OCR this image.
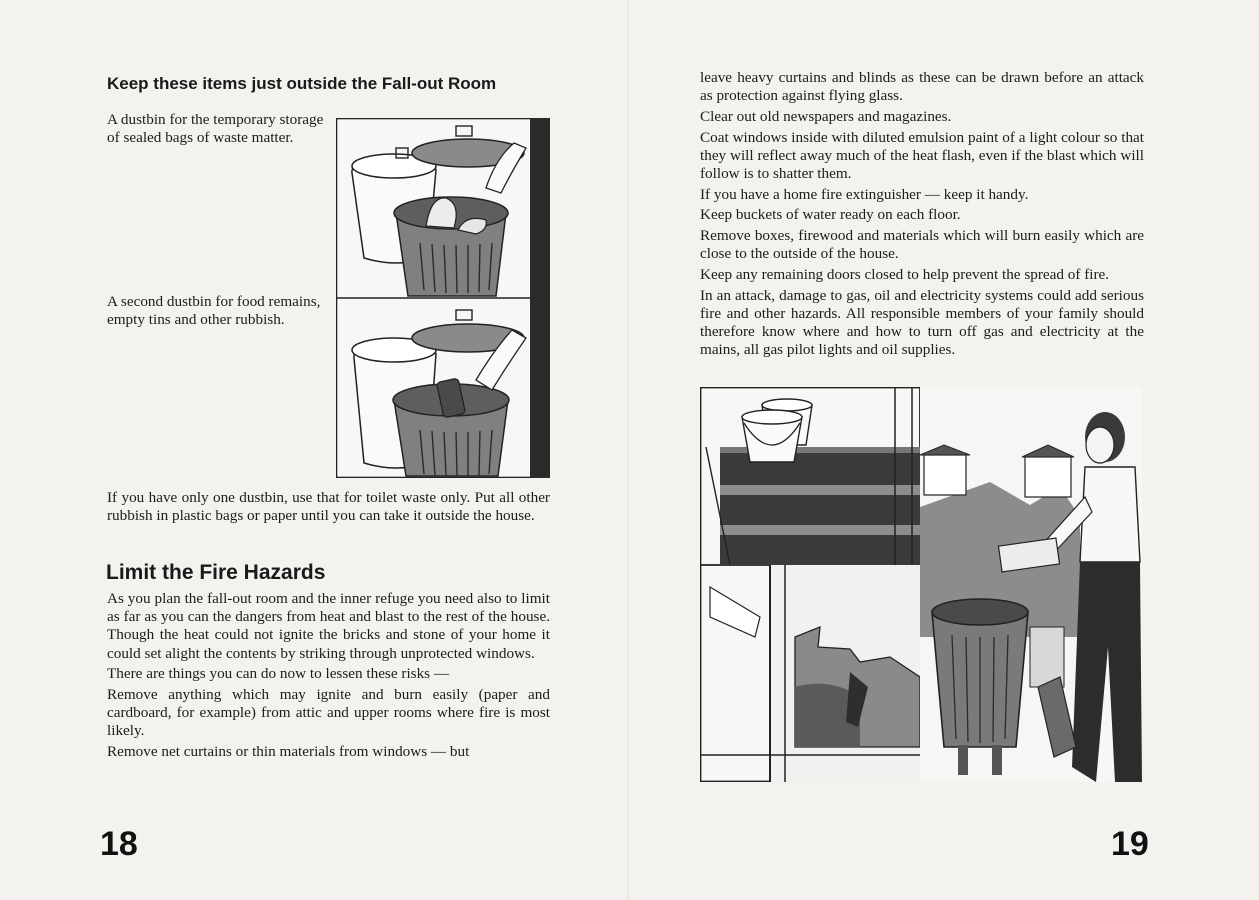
Keep these items just outside the Fall-out Room

A dustbin for the temporary storage of sealed bags of waste matter.

A second dustbin for food remains, empty tins and other rubbish.

If you have only one dustbin, use that for toilet waste only. Put all other rubbish in plastic bags or paper until you can take it outside the house.

Limit the Fire Hazards

As you plan the fall-out room and the inner refuge you need also to limit as far as you can the dangers from heat and blast to the rest of the house. Though the heat could not ignite the bricks and stone of your home it could set alight the contents by striking through unprotected windows.

There are things you can do now to lessen these risks —

Remove anything which may ignite and burn easily (paper and cardboard, for example) from attic and upper rooms where fire is most likely.

Remove net curtains or thin materials from windows — but

18

leave heavy curtains and blinds as these can be drawn before an attack as protection against flying glass.

Clear out old newspapers and magazines.

Coat windows inside with diluted emulsion paint of a light colour so that they will reflect away much of the heat flash, even if the blast which will follow is to shatter them.

If you have a home fire extinguisher — keep it handy.

Keep buckets of water ready on each floor.

Remove boxes, firewood and materials which will burn easily which are close to the outside of the house.

Keep any remaining doors closed to help prevent the spread of fire.

In an attack, damage to gas, oil and electricity systems could add serious fire and other hazards. All responsible members of your family should therefore know where and how to turn off gas and electricity at the mains, all gas pilot lights and oil supplies.

19
